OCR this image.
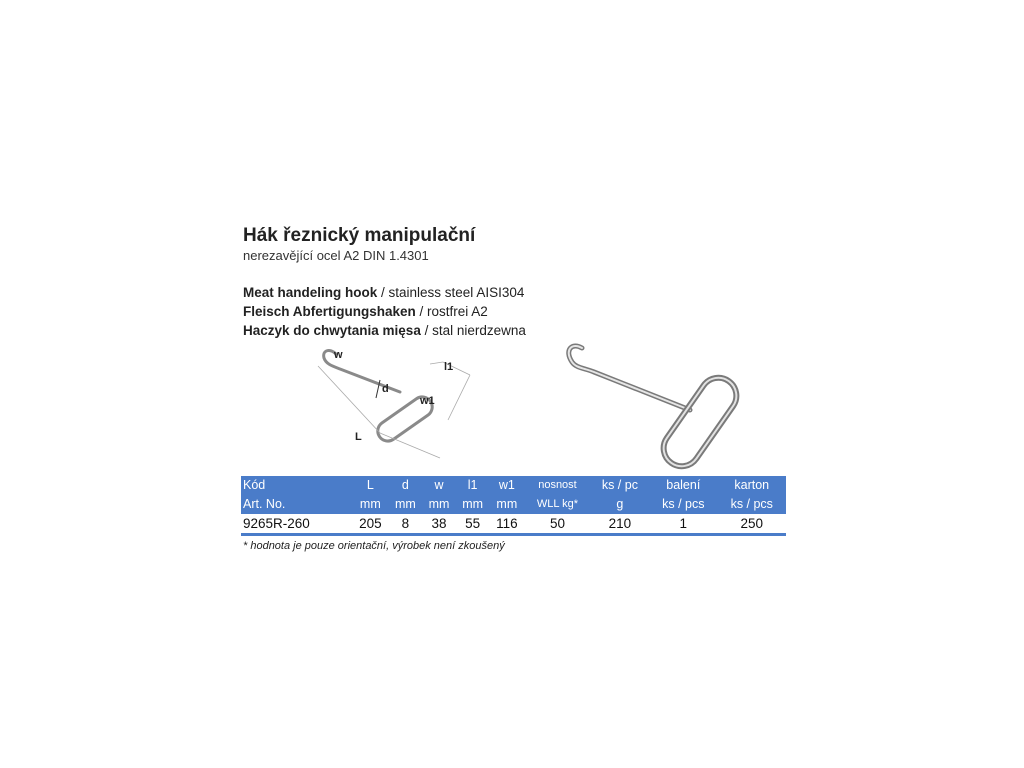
Hák řeznický manipulační
nerezavějící ocel A2 DIN 1.4301
Meat handeling hook / stainless steel AISI304
Fleisch Abfertigungshaken / rostfrei A2
Haczyk do chwytania mięsa / stal nierdzewna
w
d
l1
w1
L
Kód	L	d	w	l1	w1	nosnost	ks / pc	balení	karton
Art. No.	mm	mm	mm	mm	mm	WLL kg*	g	ks / pcs	ks / pcs
9265R-260	205	8	38	55	116	50	210	1	250
* hodnota je pouze orientační, výrobek není zkoušený
